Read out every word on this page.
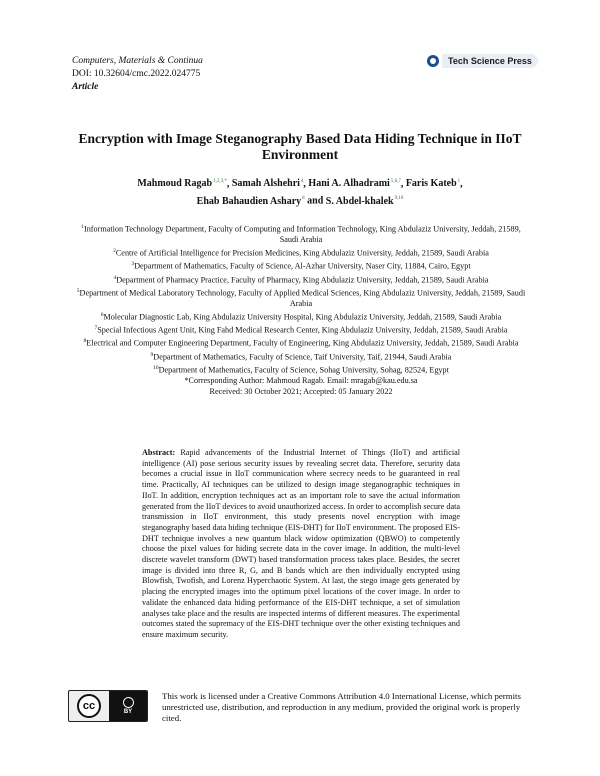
Computers, Materials & Continua
DOI: 10.32604/cmc.2022.024775
Article
Tech Science Press
Encryption with Image Steganography Based Data Hiding Technique in IIoT Environment
Mahmoud Ragab$^{1,2,3,*}$, Samah Alshehri$^4$, Hani A. Alhadrami$^{5,6,7}$, Faris Kateb$^1$,
Ehab Bahaudien Ashary$^8$ and S. Abdel-khalek$^{9,10}$
$^1$Information Technology Department, Faculty of Computing and Information Technology, King Abdulaziz University, Jeddah, 21589, Saudi Arabia
$^2$Centre of Artificial Intelligence for Precision Medicines, King Abdulaziz University, Jeddah, 21589, Saudi Arabia
$^3$Department of Mathematics, Faculty of Science, Al-Azhar University, Naser City, 11884, Cairo, Egypt
$^4$Department of Pharmacy Practice, Faculty of Pharmacy, King Abdulaziz University, Jeddah, 21589, Saudi Arabia
$^5$Department of Medical Laboratory Technology, Faculty of Applied Medical Sciences, King Abdulaziz University, Jeddah, 21589, Saudi Arabia
$^6$Molecular Diagnostic Lab, King Abdulaziz University Hospital, King Abdulaziz University, Jeddah, 21589, Saudi Arabia
$^7$Special Infectious Agent Unit, King Fahd Medical Research Center, King Abdulaziz University, Jeddah, 21589, Saudi Arabia
$^8$Electrical and Computer Engineering Department, Faculty of Engineering, King Abdulaziz University, Jeddah, 21589, Saudi Arabia
$^9$Department of Mathematics, Faculty of Science, Taif University, Taif, 21944, Saudi Arabia
$^{10}$Department of Mathematics, Faculty of Science, Sohag University, Sohag, 82524, Egypt
*Corresponding Author: Mahmoud Ragab. Email: mragab@kau.edu.sa
Received: 30 October 2021; Accepted: 05 January 2022
Abstract: Rapid advancements of the Industrial Internet of Things (IIoT) and artificial intelligence (AI) pose serious security issues by revealing secret data. Therefore, security data becomes a crucial issue in IIoT communication where secrecy needs to be guaranteed in real time. Practically, AI techniques can be utilized to design image steganographic techniques in IIoT. In addition, encryption techniques act as an important role to save the actual information generated from the IIoT devices to avoid unauthorized access. In order to accomplish secure data transmission in IIoT environment, this study presents novel encryption with image steganography based data hiding technique (EIS-DHT) for IIoT environment. The proposed EIS-DHT technique involves a new quantum black widow optimization (QBWO) to competently choose the pixel values for hiding secrete data in the cover image. In addition, the multi-level discrete wavelet transform (DWT) based transformation process takes place. Besides, the secret image is divided into three R, G, and B bands which are then individually encrypted using Blowfish, Twofish, and Lorenz Hyperchaotic System. At last, the stego image gets generated by placing the encrypted images into the optimum pixel locations of the cover image. In order to validate the enhanced data hiding performance of the EIS-DHT technique, a set of simulation analyses take place and the results are inspected interms of different measures. The experimental outcomes stated the supremacy of the EIS-DHT technique over the other existing techniques and ensure maximum security.
cc	BY
This work is licensed under a Creative Commons Attribution 4.0 International License, which permits unrestricted use, distribution, and reproduction in any medium, provided the original work is properly cited.
